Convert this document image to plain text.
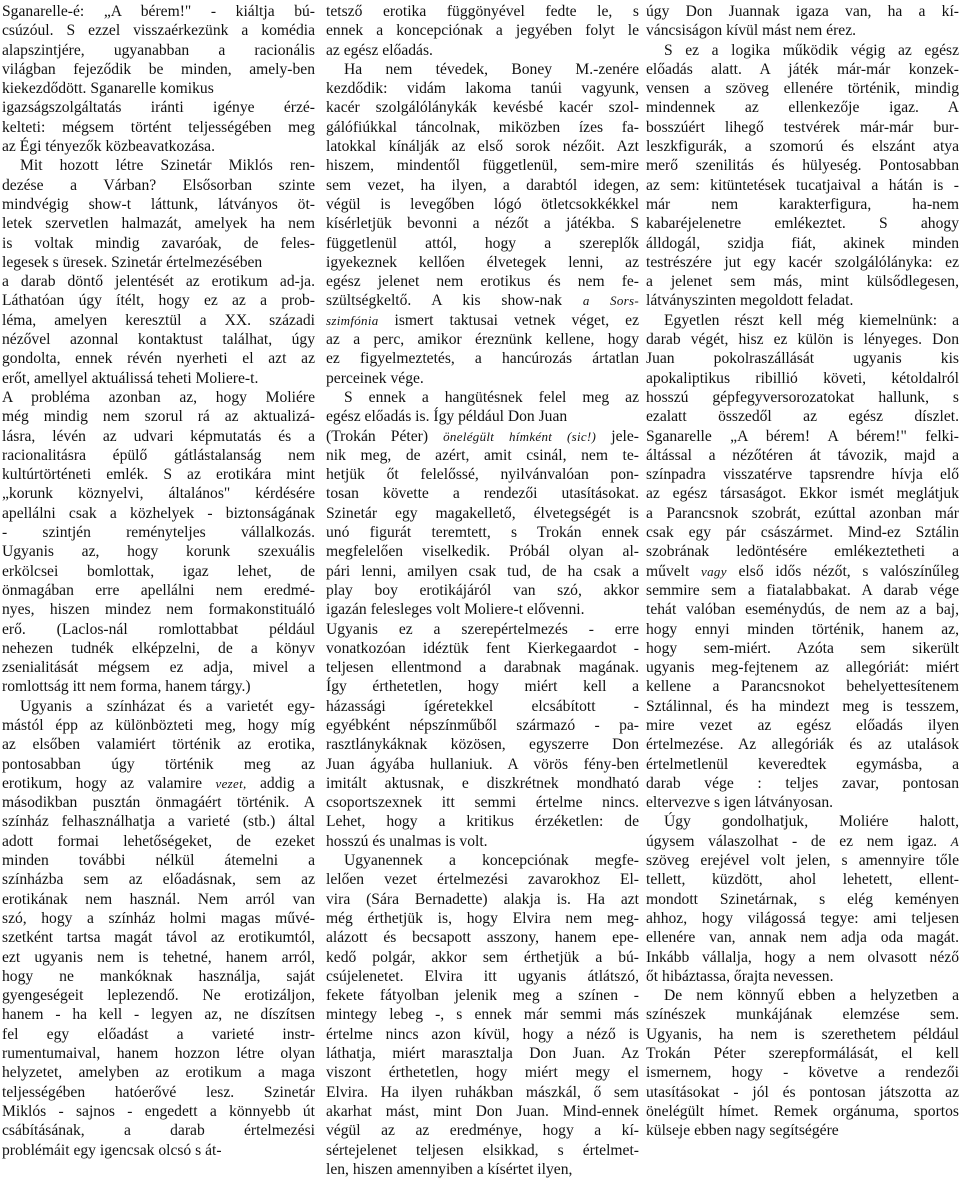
Sganarelle-é: „A bérem!" - kiáltja bú-
csúzóul. S ezzel visszaérkezünk a komédia
alapszintjére, ugyanabban a racionális
világban fejeződik be minden, amely-ben
kiekezdődött. Sganarelle komikus
igazságszolgáltatás iránti igénye érzé-
kelteti: mégsem történt teljességében meg
az Égi tényezők közbeavatkozása.
Mit hozott létre Szinetár Miklós ren-
dezése a Várban? Elsősorban szinte
mindvégig show-t láttunk, látványos öt-
letek szervetlen halmazát, amelyek ha nem
is voltak mindig zavaróak, de feles-
legesek s üresek. Szinetár értelmezésében
a darab döntő jelentését az erotikum ad-ja.
Láthatóan úgy ítélt, hogy ez az a prob-
léma, amelyen keresztül a XX. századi
nézővel azonnal kontaktust találhat, úgy
gondolta, ennek révén nyerheti el azt az
erőt, amellyel aktuálissá teheti Moliere-t.
A probléma azonban az, hogy Moliére
még mindig nem szorul rá az aktualizá-
lásra, lévén az udvari képmutatás és a
racionalitásra épülő gátlástalanság nem
kultúrtörténeti emlék. S az erotikára mint
„korunk köznyelvi, általános" kérdésére
apellálni csak a közhelyek - biztonságának
- szintjén reményteljes vállalkozás.
Ugyanis az, hogy korunk szexuális
erkölcsei bomlottak, igaz lehet, de
önmagában erre apellálni nem eredmé-
nyes, hiszen mindez nem formakonstituáló
erő. (Laclos-nál romlottabbat például
nehezen tudnék elképzelni, de a könyv
zsenialitását mégsem ez adja, mivel a
romlottság itt nem forma, hanem tárgy.)
Ugyanis a színházat és a varietét egy-
mástól épp az különbözteti meg, hogy míg
az elsőben valamiért történik az erotika,
pontosabban úgy történik meg az
erotikum, hogy az valamire vezet, addig a
másodikban pusztán önmagáért történik. A
színház felhasználhatja a varieté (stb.) által
adott formai lehetőségeket, de ezeket
minden további nélkül átemelni a
színházba sem az előadásnak, sem az
erotikának nem használ. Nem arról van
szó, hogy a színház holmi magas művé-
szetként tartsa magát távol az erotikumtól,
ezt ugyanis nem is tehetné, hanem arról,
hogy ne mankóknak használja, saját
gyengeségeit leplezendő. Ne erotizáljon,
hanem - ha kell - legyen az, ne díszítsen
fel egy előadást a varieté instr-
rumentumaival, hanem hozzon létre olyan
helyzetet, amelyben az erotikum a maga
teljességében hatóerővé lesz. Szinetár
Miklós - sajnos - engedett a könnyebb út
csábításának, a darab értelmezési
problémáit egy igencsak olcsó s át-
tetsző erotika függönyével fedte le, s
ennek a koncepciónak a jegyében folyt le
az egész előadás.
Ha nem tévedek, Boney M.-zenére
kezdődik: vidám lakoma tanúi vagyunk,
kacér szolgálólánykák kevésbé kacér szol-
gálófiúkkal táncolnak, miközben ízes fa-
latokkal kínálják az első sorok nézőit. Azt
hiszem, mindentől függetlenül, sem-mire
sem vezet, ha ilyen, a darabtól idegen,
végül is levegőben lógó ötletcsokkékkel
kísérletjük bevonni a nézőt a játékba. S
függetlenül attól, hogy a szereplők
igyekeznek kellően élvetegek lenni, az
egész jelenet nem erotikus és nem fe-
szültségkeltő. A kis show-nak a Sors-
szimfónia ismert taktusai vetnek véget, ez
az a perc, amikor éreznünk kellene, hogy
ez figyelmeztetés, a hancúrozás ártatlan
perceinek vége.
S ennek a hangütésnek felel meg az
egész előadás is. Így például Don Juan
(Trokán Péter) önelégült hímként (sic!) jele-
nik meg, de azért, amit csinál, nem te-
hetjük őt felelőssé, nyilvánvalóan pon-
tosan követte a rendezői utasításokat.
Szinetár egy magakellető, élvetegségét is
unó figurát teremtett, s Trokán ennek
megfelelően viselkedik. Próbál olyan al-
pári lenni, amilyen csak tud, de ha csak a
play boy erotikájáról van szó, akkor
igazán felesleges volt Moliere-t elővenni.
Ugyanis ez a szerepértelmezés - erre
vonatkozóan idéztük fent Kierkegaardot -
teljesen ellentmond a darabnak magának.
Így érthetetlen, hogy miért kell a
házassági ígéretekkel elcsábított -
egyébként népszínműből származó - pa-
rasztlánykáknak közösen, egyszerre Don
Juan ágyába hullaniuk. A vörös fény-ben
imitált aktusnak, e diszkrétnek mondható
csoportszexnek itt semmi értelme nincs.
Lehet, hogy a kritikus érzéketlen: de
hosszú és unalmas is volt.
Ugyanennek a koncepciónak megfe-
lelően vezet értelmezési zavarokhoz El-
vira (Sára Bernadette) alakja is. Ha azt
még érthetjük is, hogy Elvira nem meg-
alázott és becsapott asszony, hanem epe-
kedő polgár, akkor sem érthetjük a bú-
csújelenetet. Elvira itt ugyanis átlátszó,
fekete fátyolban jelenik meg a színen -
mintegy lebeg -, s ennek már semmi más
értelme nincs azon kívül, hogy a néző is
láthatja, miért marasztalja Don Juan. Az
viszont érthetetlen, hogy miért megy el
Elvira. Ha ilyen ruhákban mászkál, ő sem
akarhat mást, mint Don Juan. Mind-ennek
végül az az eredménye, hogy a kí-
sértejelenet teljesen elsikkad, s értelmet-
len, hiszen amennyiben a kísértet ilyen,
úgy Don Juannak igaza van, ha a kí-
váncsiságon kívül mást nem érez.
S ez a logika működik végig az egész
előadás alatt. A játék már-már konzek-
vensen a szöveg ellenére történik, mindig
mindennek az ellenkezője igaz. A
bosszúért lihegő testvérek már-már bur-
leszkfigurák, a szomorú és elszánt atya
merő szenilitás és hülyeség. Pontosabban
az sem: kitüntetések tucatjaival a hátán is -
már nem karakterfigura, ha-nem
kabaréjelenetre emlékeztet. S ahogy
álldogál, szidja fiát, akinek minden
testrészére jut egy kacér szolgálólányka: ez
a jelenet sem más, mint külsődlegesen,
látványszinten megoldott feladat.
Egyetlen részt kell még kiemelnünk: a
darab végét, hisz ez külön is lényeges. Don
Juan pokolraszállását ugyanis kis
apokaliptikus ribillió követi, kétoldalról
hosszú gépfegyversorozatokat hallunk, s
ezalatt összedől az egész díszlet.
Sganarelle „A bérem! A bérem!" felki-
áltással a nézőtéren át távozik, majd a
színpadra visszatérve tapsrendre hívja elő
az egész társaságot. Ekkor ismét meglátjuk
a Parancsnok szobrát, ezúttal azonban már
csak egy pár császármet. Mind-ez Sztálin
szobrának ledöntésére emlékeztetheti a
művelt vagy első idős nézőt, s valószínűleg
semmire sem a fiatalabbakat. A darab vége
tehát valóban eseménydús, de nem az a baj,
hogy ennyi minden történik, hanem az,
hogy sem-miért. Azóta sem sikerült
ugyanis meg-fejtenem az allegóriát: miért
kellene a Parancsnokot behelyettesítenem
Sztálinnal, és ha mindezt meg is tesszem,
mire vezet az egész előadás ilyen
értelmezése. Az allegóriák és az utalások
értelmetlenül keveredtek egymásba, a
darab vége : teljes zavar, pontosan
eltervezve s igen látványosan.
Úgy gondolhatjuk, Moliére halott,
úgysem válaszolhat - de ez nem igaz. A
szöveg erejével volt jelen, s amennyire tőle
tellett, küzdött, ahol lehetett, ellent-
mondott Szinetárnak, s elég keményen
ahhoz, hogy világossá tegye: ami teljesen
ellenére van, annak nem adja oda magát.
Inkább vállalja, hogy a nem olvasott néző
őt hibáztassa, őrajta nevessen.
De nem könnyű ebben a helyzetben a
színészek munkájának elemzése sem.
Ugyanis, ha nem is szerethetem például
Trokán Péter szerepformálását, el kell
ismernem, hogy - követve a rendezői
utasításokat - jól és pontosan játszotta az
önelégült hímet. Remek orgánuma, sportos
külseje ebben nagy segítségére
